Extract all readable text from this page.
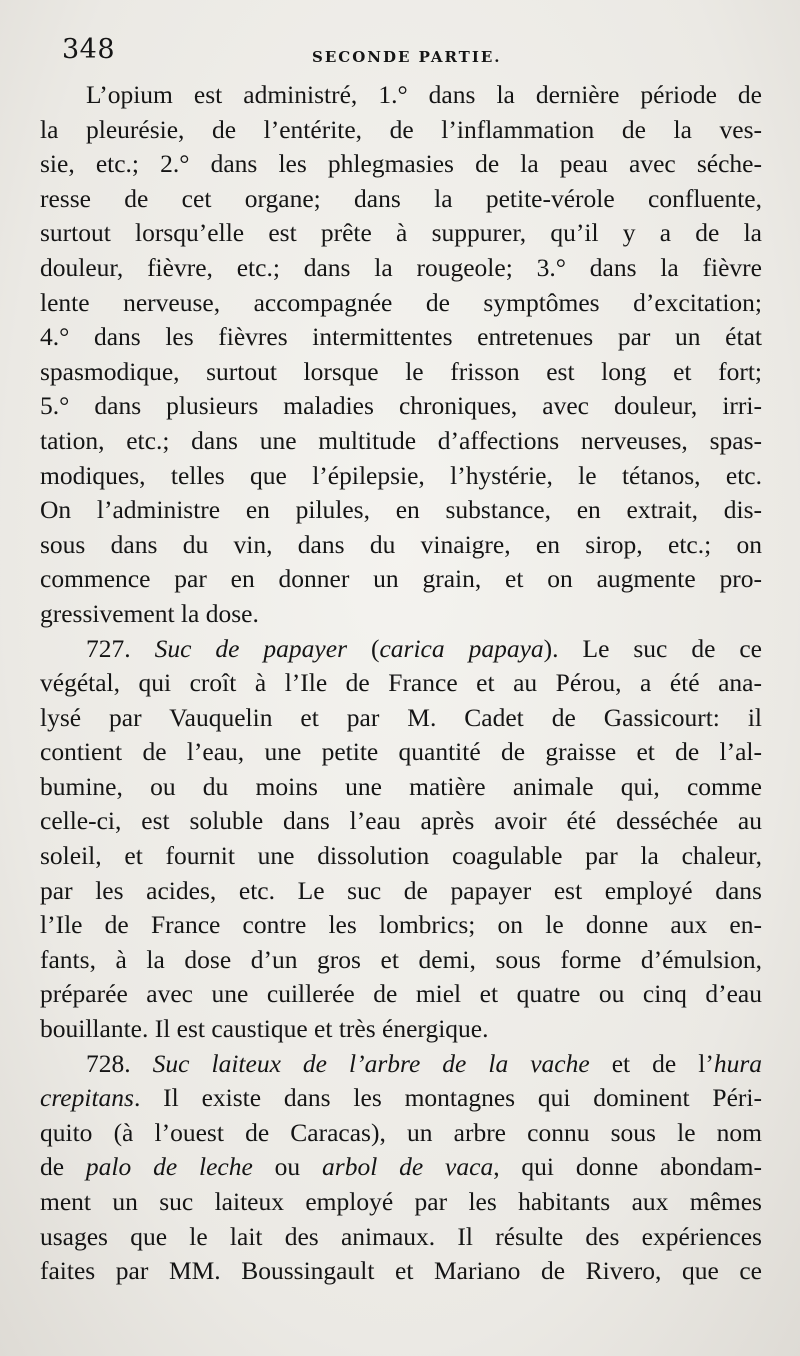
348	SECONDE PARTIE.
L’opium est administré, 1.° dans la dernière période de
la pleurésie, de l’entérite, de l’inflammation de la ves-
sie, etc.; 2.° dans les phlegmasies de la peau avec séche-
resse de cet organe; dans la petite-vérole confluente,
surtout lorsqu’elle est prête à suppurer, qu’il y a de la
douleur, fièvre, etc.; dans la rougeole; 3.° dans la fièvre
lente nerveuse, accompagnée de symptômes d’excitation;
4.° dans les fièvres intermittentes entretenues par un état
spasmodique, surtout lorsque le frisson est long et fort;
5.° dans plusieurs maladies chroniques, avec douleur, irri-
tation, etc.; dans une multitude d’affections nerveuses, spas-
modiques, telles que l’épilepsie, l’hystérie, le tétanos, etc.
On l’administre en pilules, en substance, en extrait, dis-
sous dans du vin, dans du vinaigre, en sirop, etc.; on
commence par en donner un grain, et on augmente pro-
gressivement la dose.
727. Suc de papayer (carica papaya). Le suc de ce
végétal, qui croît à l’Ile de France et au Pérou, a été ana-
lysé par Vauquelin et par M. Cadet de Gassicourt: il
contient de l’eau, une petite quantité de graisse et de l’al-
bumine, ou du moins une matière animale qui, comme
celle-ci, est soluble dans l’eau après avoir été desséchée au
soleil, et fournit une dissolution coagulable par la chaleur,
par les acides, etc. Le suc de papayer est employé dans
l’Ile de France contre les lombrics; on le donne aux en-
fants, à la dose d’un gros et demi, sous forme d’émulsion,
préparée avec une cuillerée de miel et quatre ou cinq d’eau
bouillante. Il est caustique et très énergique.
728. Suc laiteux de l’arbre de la vache et de l’hura
crepitans. Il existe dans les montagnes qui dominent Péri-
quito (à l’ouest de Caracas), un arbre connu sous le nom
de palo de leche ou arbol de vaca, qui donne abondam-
ment un suc laiteux employé par les habitants aux mêmes
usages que le lait des animaux. Il résulte des expériences
faites par MM. Boussingault et Mariano de Rivero, que ce
